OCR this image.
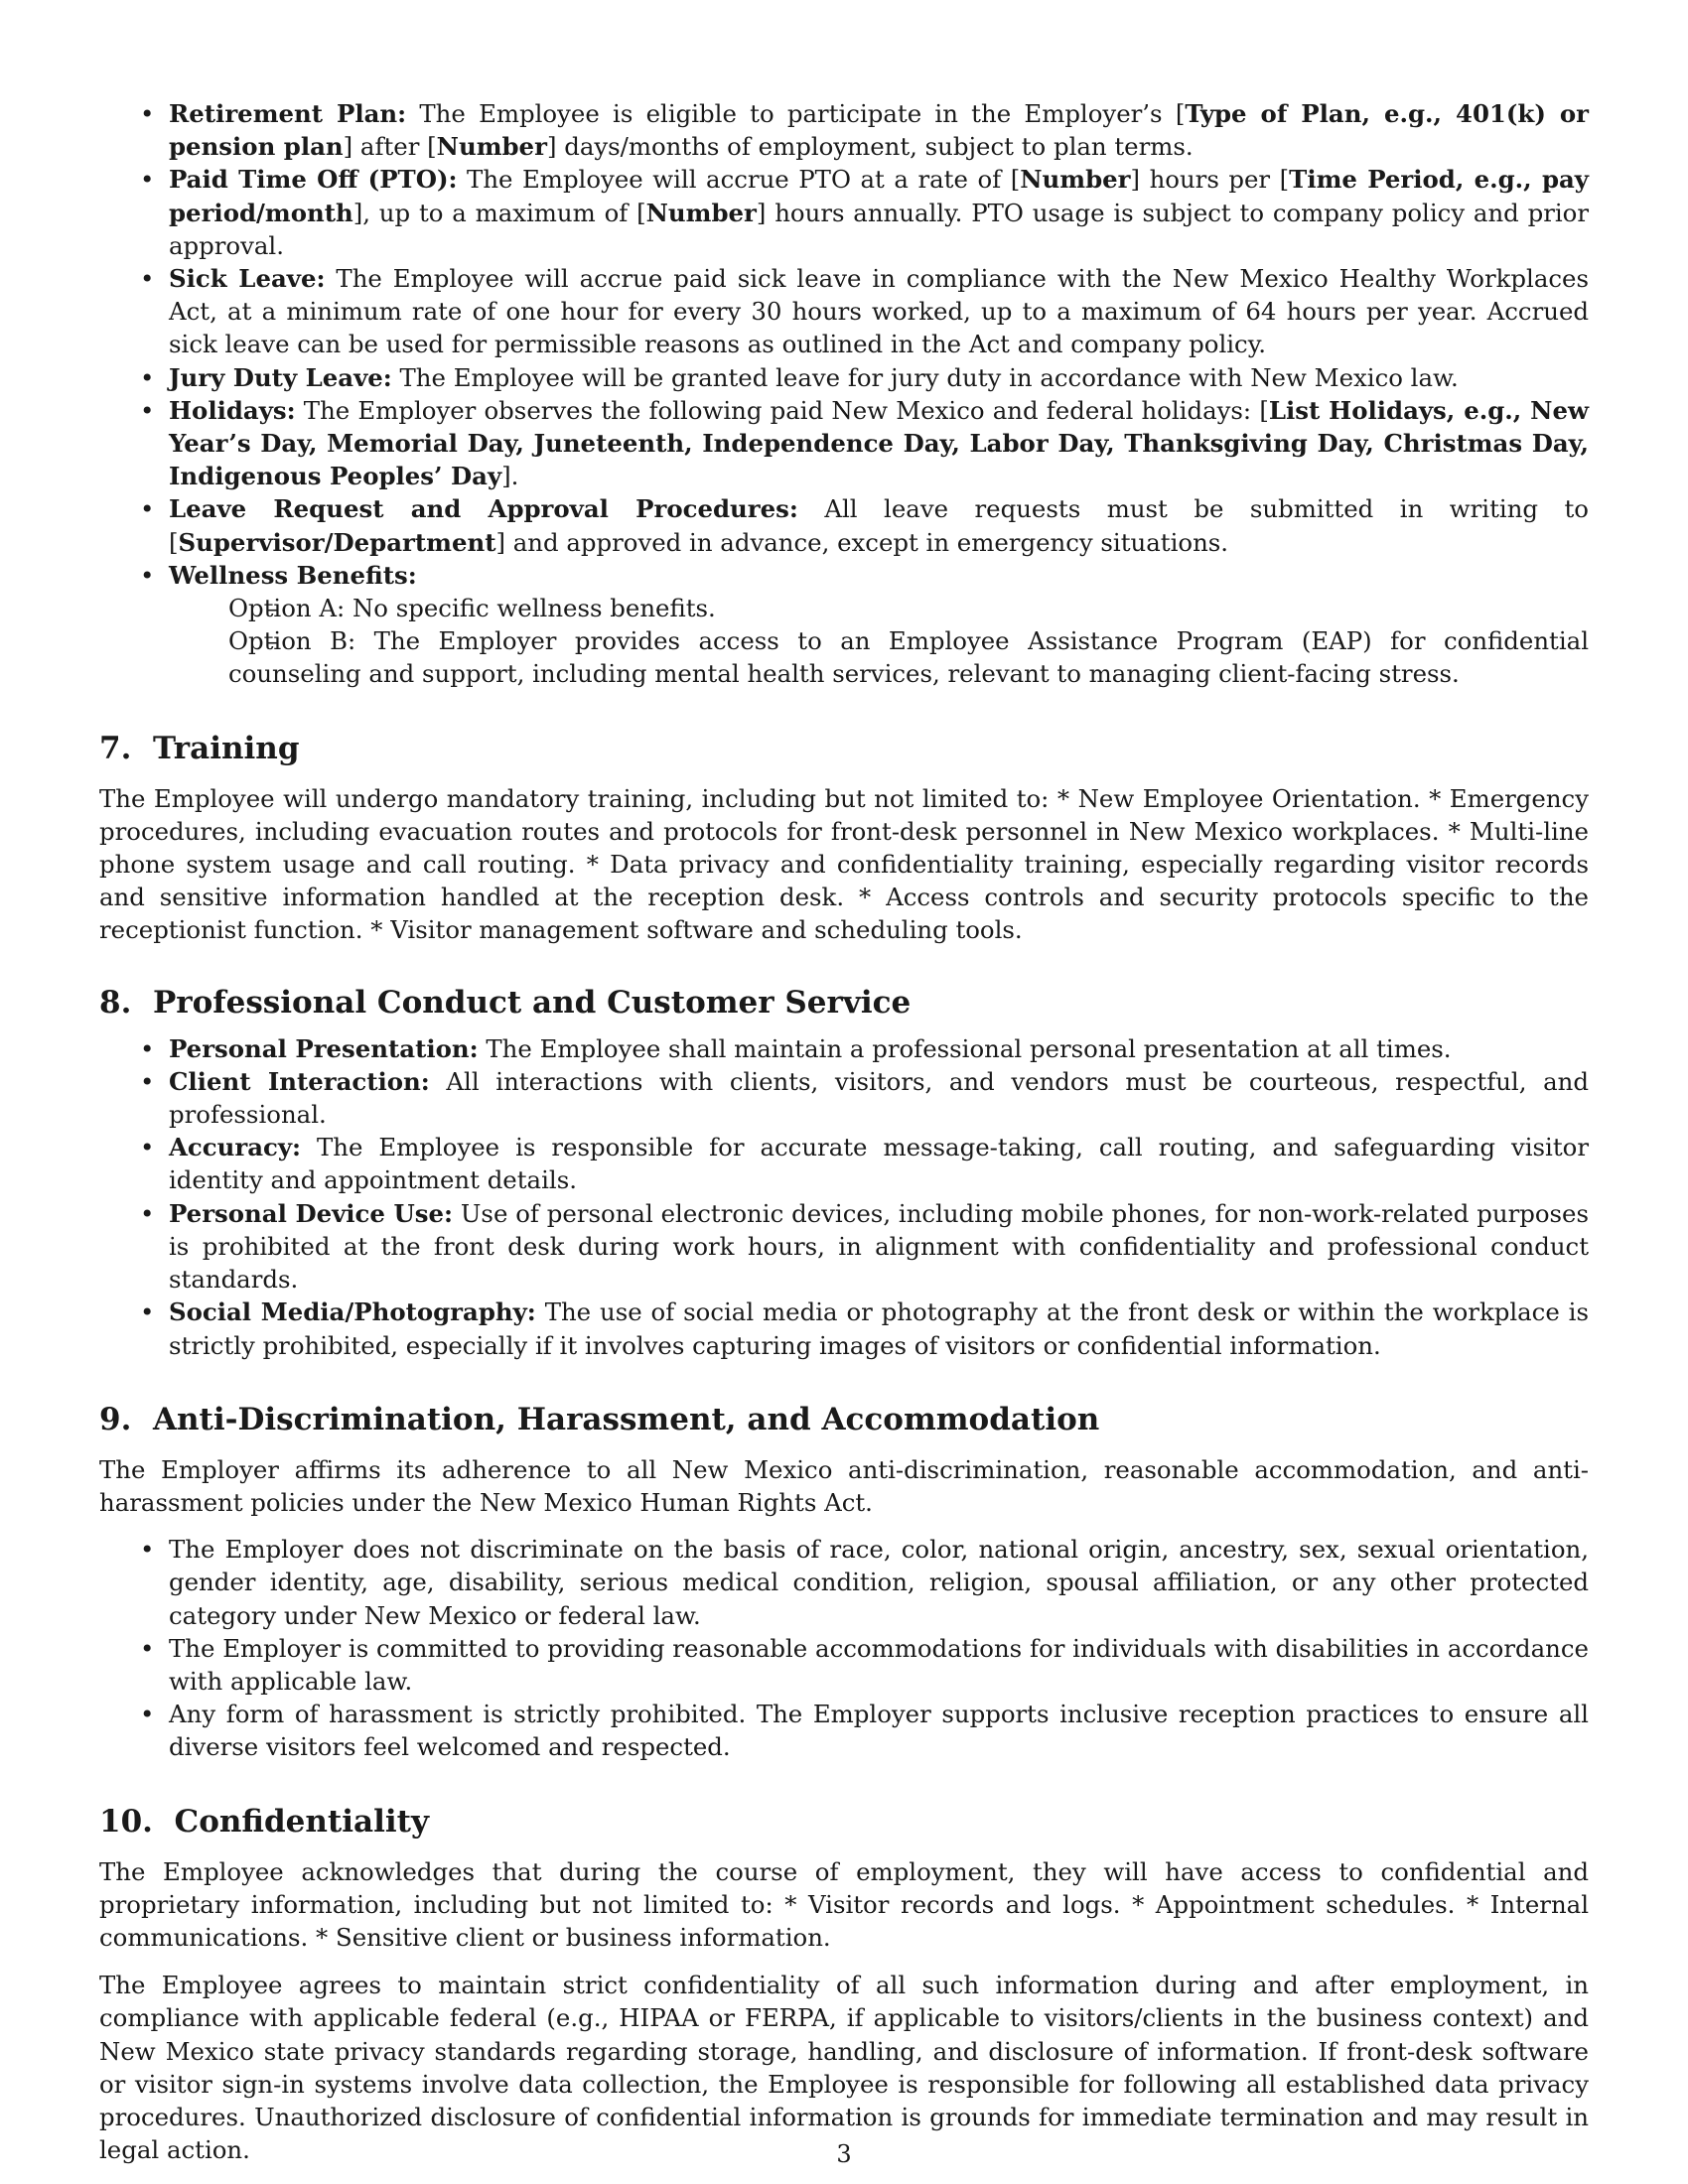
• Retirement Plan: The Employee is eligible to participate in the Employer’s [Type of Plan, e.g., 401(k) or pension plan] after [Number] days/months of employment, subject to plan terms.
• Paid Time Off (PTO): The Employee will accrue PTO at a rate of [Number] hours per [Time Period, e.g., pay period/month], up to a maximum of [Number] hours annually. PTO usage is subject to company policy and prior approval.
• Sick Leave: The Employee will accrue paid sick leave in compliance with the New Mexico Healthy Workplaces Act, at a minimum rate of one hour for every 30 hours worked, up to a maximum of 64 hours per year. Accrued sick leave can be used for permissible reasons as outlined in the Act and company policy.
• Jury Duty Leave: The Employee will be granted leave for jury duty in accordance with New Mexico law.
• Holidays: The Employer observes the following paid New Mexico and federal holidays: [List Holidays, e.g., New Year’s Day, Memorial Day, Juneteenth, Independence Day, Labor Day, Thanksgiving Day, Christmas Day, Indigenous Peoples’ Day].
• Leave Request and Approval Procedures: All leave requests must be submitted in writing to [Supervisor/Department] and approved in advance, except in emergency situations.
• Wellness Benefits:
– Option A: No specific wellness benefits.
– Option B: The Employer provides access to an Employee Assistance Program (EAP) for confidential counseling and support, including mental health services, relevant to managing client-facing stress.
7. Training

The Employee will undergo mandatory training, including but not limited to: * New Employee Orientation. * Emergency procedures, including evacuation routes and protocols for front-desk personnel in New Mexico workplaces. * Multi-line phone system usage and call routing. * Data privacy and confidentiality training, especially regarding visitor records and sensitive information handled at the reception desk. * Access controls and security protocols specific to the receptionist function. * Visitor management software and scheduling tools.

8. Professional Conduct and Customer Service
• Personal Presentation: The Employee shall maintain a professional personal presentation at all times.
• Client Interaction: All interactions with clients, visitors, and vendors must be courteous, respectful, and professional.
• Accuracy: The Employee is responsible for accurate message-taking, call routing, and safeguarding visitor identity and appointment details.
• Personal Device Use: Use of personal electronic devices, including mobile phones, for non-work-related purposes is prohibited at the front desk during work hours, in alignment with confidentiality and professional conduct standards.
• Social Media/Photography: The use of social media or photography at the front desk or within the workplace is strictly prohibited, especially if it involves capturing images of visitors or confidential information.
9. Anti-Discrimination, Harassment, and Accommodation

The Employer affirms its adherence to all New Mexico anti-discrimination, reasonable accommodation, and anti-harassment policies under the New Mexico Human Rights Act.

• The Employer does not discriminate on the basis of race, color, national origin, ancestry, sex, sexual orientation, gender identity, age, disability, serious medical condition, religion, spousal affiliation, or any other protected category under New Mexico or federal law.
• The Employer is committed to providing reasonable accommodations for individuals with disabilities in accordance with applicable law.
• Any form of harassment is strictly prohibited. The Employer supports inclusive reception practices to ensure all diverse visitors feel welcomed and respected.
10. Confidentiality

The Employee acknowledges that during the course of employment, they will have access to confidential and proprietary information, including but not limited to: * Visitor records and logs. * Appointment schedules. * Internal communications. * Sensitive client or business information.

The Employee agrees to maintain strict confidentiality of all such information during and after employment, in compliance with applicable federal (e.g., HIPAA or FERPA, if applicable to visitors/clients in the business context) and New Mexico state privacy standards regarding storage, handling, and disclosure of information. If front-desk software or visitor sign-in systems involve data collection, the Employee is responsible for following all established data privacy procedures. Unauthorized disclosure of confidential information is grounds for immediate termination and may result in legal action.	3
